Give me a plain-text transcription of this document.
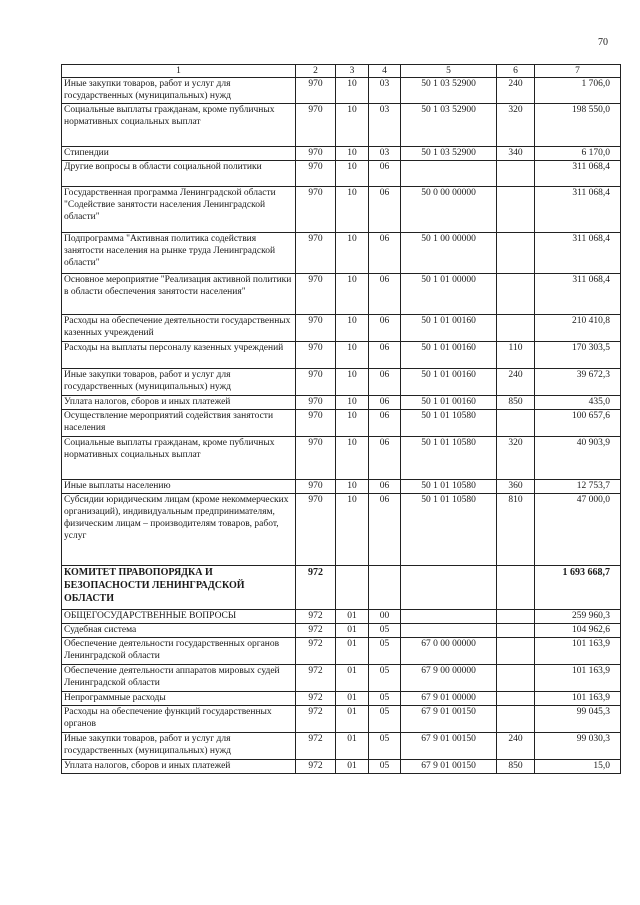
70
1	2	3	4	5	6	7
Иные закупки товаров, работ и услуг для государственных (муниципальных) нужд	970	10	03	50 1 03 52900	240	1 706,0
Социальные выплаты гражданам, кроме публичных нормативных социальных выплат	970	10	03	50 1 03 52900	320	198 550,0
Стипендии	970	10	03	50 1 03 52900	340	6 170,0
Другие вопросы в области социальной политики	970	10	06			311 068,4
Государственная программа Ленинградской области "Содействие занятости населения Ленинградской области"	970	10	06	50 0 00 00000		311 068,4
Подпрограмма "Активная политика содействия занятости населения на рынке труда Ленинградской области"	970	10	06	50 1 00 00000		311 068,4
Основное мероприятие "Реализация активной политики в области обеспечения занятости населения"	970	10	06	50 1 01 00000		311 068,4
Расходы на обеспечение деятельности государственных казенных учреждений	970	10	06	50 1 01 00160		210 410,8
Расходы на выплаты персоналу казенных учреждений	970	10	06	50 1 01 00160	110	170 303,5
Иные закупки товаров, работ и услуг для государственных (муниципальных) нужд	970	10	06	50 1 01 00160	240	39 672,3
Уплата налогов, сборов и иных платежей	970	10	06	50 1 01 00160	850	435,0
Осуществление мероприятий содействия занятости населения	970	10	06	50 1 01 10580		100 657,6
Социальные выплаты гражданам, кроме публичных нормативных социальных выплат	970	10	06	50 1 01 10580	320	40 903,9
Иные выплаты населению	970	10	06	50 1 01 10580	360	12 753,7
Субсидии юридическим лицам (кроме некоммерческих организаций), индивидуальным предпринимателям, физическим лицам – производителям товаров, работ, услуг	970	10	06	50 1 01 10580	810	47 000,0
КОМИТЕТ ПРАВОПОРЯДКА И БЕЗОПАСНОСТИ ЛЕНИНГРАДСКОЙ ОБЛАСТИ	972					1 693 668,7
ОБЩЕГОСУДАРСТВЕННЫЕ ВОПРОСЫ	972	01	00			259 960,3
Судебная система	972	01	05			104 962,6
Обеспечение деятельности государственных органов Ленинградской области	972	01	05	67 0 00 00000		101 163,9
Обеспечение деятельности аппаратов мировых судей Ленинградской области	972	01	05	67 9 00 00000		101 163,9
Непрограммные расходы	972	01	05	67 9 01 00000		101 163,9
Расходы на обеспечение функций государственных органов	972	01	05	67 9 01 00150		99 045,3
Иные закупки товаров, работ и услуг для государственных (муниципальных) нужд	972	01	05	67 9 01 00150	240	99 030,3
Уплата налогов, сборов и иных платежей	972	01	05	67 9 01 00150	850	15,0
